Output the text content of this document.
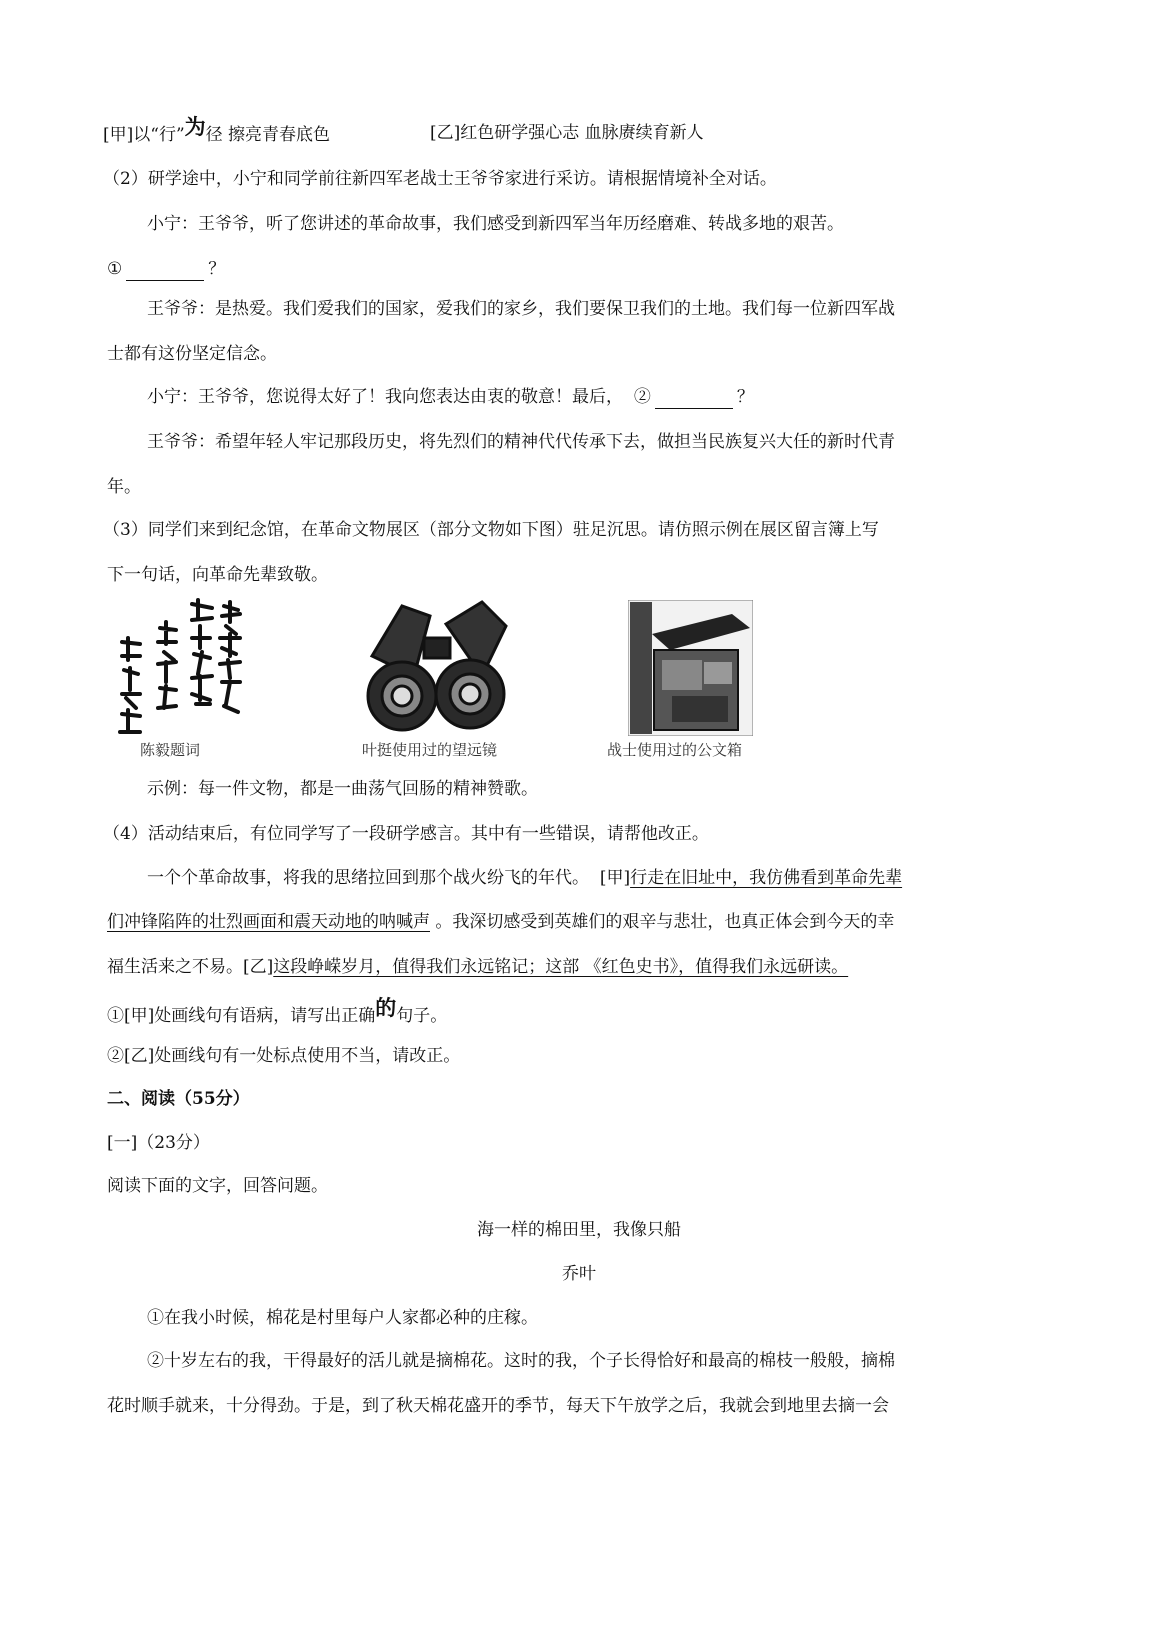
[甲]以“行”为径 擦亮青春底色	[乙]红色研学强心志 血脉赓续育新人
（2）研学途中，小宁和同学前往新四军老战士王爷爷家进行采访。请根据情境补全对话。
小宁：王爷爷，听了您讲述的革命故事，我们感受到新四军当年历经磨难、转战多地的艰苦。
①	？
王爷爷：是热爱。我们爱我们的国家，爱我们的家乡，我们要保卫我们的土地。我们每一位新四军战
士都有这份坚定信念。
小宁：王爷爷，您说得太好了！我向您表达由衷的敬意！最后， ②	？
王爷爷：希望年轻人牢记那段历史，将先烈们的精神代代传承下去，做担当民族复兴大任的新时代青
年。
（3）同学们来到纪念馆，在革命文物展区（部分文物如下图）驻足沉思。请仿照示例在展区留言簿上写
下一句话，向革命先辈致敬。
陈毅题词	叶挺使用过的望远镜	战士使用过的公文箱
示例：每一件文物，都是一曲荡气回肠的精神赞歌。
（4）活动结束后，有位同学写了一段研学感言。其中有一些错误，请帮他改正。
一个个革命故事，将我的思绪拉回到那个战火纷飞的年代。 [甲]行走在旧址中，我仿佛看到革命先辈
们冲锋陷阵的壮烈画面和震天动地的呐喊声 。我深切感受到英雄们的艰辛与悲壮，也真正体会到今天的幸
福生活来之不易。[乙]这段峥嵘岁月，值得我们永远铭记；这部 《红色史书》，值得我们永远研读。
①[甲]处画线句有语病，请写出正确的句子。
②[乙]处画线句有一处标点使用不当，请改正。
二、阅读（55分）
[一]（23分）
阅读下面的文字，回答问题。
海一样的棉田里，我像只船
乔叶
①在我小时候，棉花是村里每户人家都必种的庄稼。
②十岁左右的我，干得最好的活儿就是摘棉花。这时的我，个子长得恰好和最高的棉枝一般般，摘棉
花时顺手就来，十分得劲。于是，到了秋天棉花盛开的季节，每天下午放学之后，我就会到地里去摘一会
